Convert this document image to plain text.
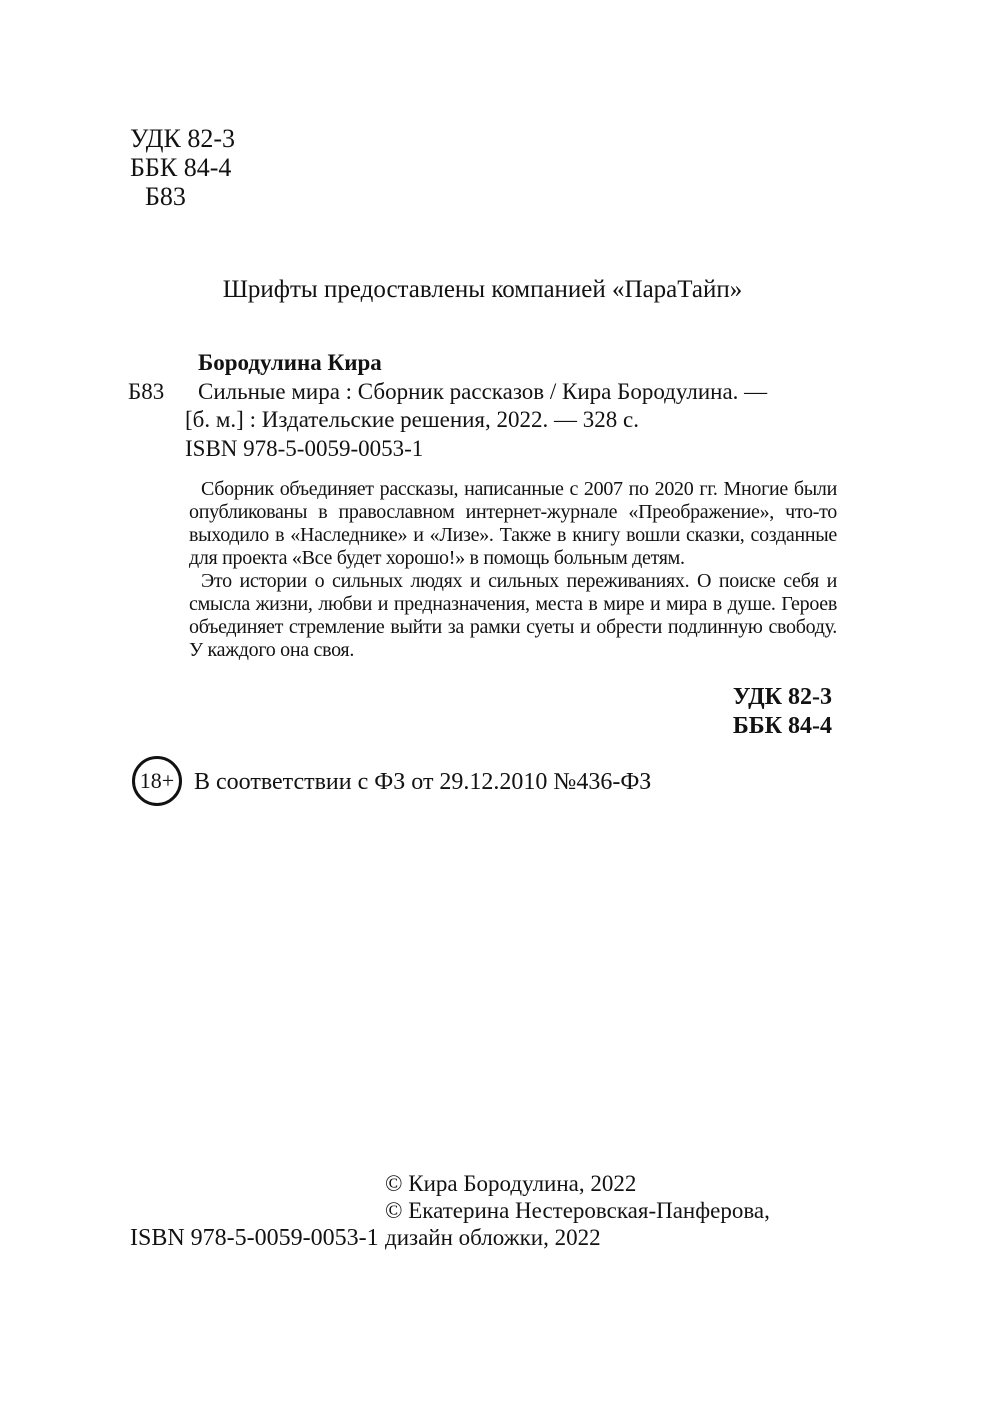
УДК 82-3
ББК 84-4
Б83
Шрифты предоставлены компанией «ПараТайп»
Бородулина Кира
Б83 Сильные мира : Сборник рассказов / Кира Бородулина. —
[б. м.] : Издательские решения, 2022. — 328 с.
ISBN 978-5-0059-0053-1

Сборник объединяет рассказы, написанные с 2007 по 2020 гг. Многие были опубликованы в православном интернет-журнале «Преображение», что-то выходило в «Наследнике» и «Лизе». Также в книгу вошли сказки, созданные для проекта «Все будет хорошо!» в помощь больным детям.

Это истории о сильных людях и сильных переживаниях. О поиске себя и смысла жизни, любви и предназначения, места в мире и мира в душе. Героев объединяет стремление выйти за рамки суеты и обрести подлинную свободу. У каждого она своя.

УДК 82-3
ББК 84-4
18+ В соответствии с ФЗ от 29.12.2010 №436-ФЗ
ISBN 978-5-0059-0053-1
© Кира Бородулина, 2022
© Екатерина Нестеровская-Панферова,
дизайн обложки, 2022
